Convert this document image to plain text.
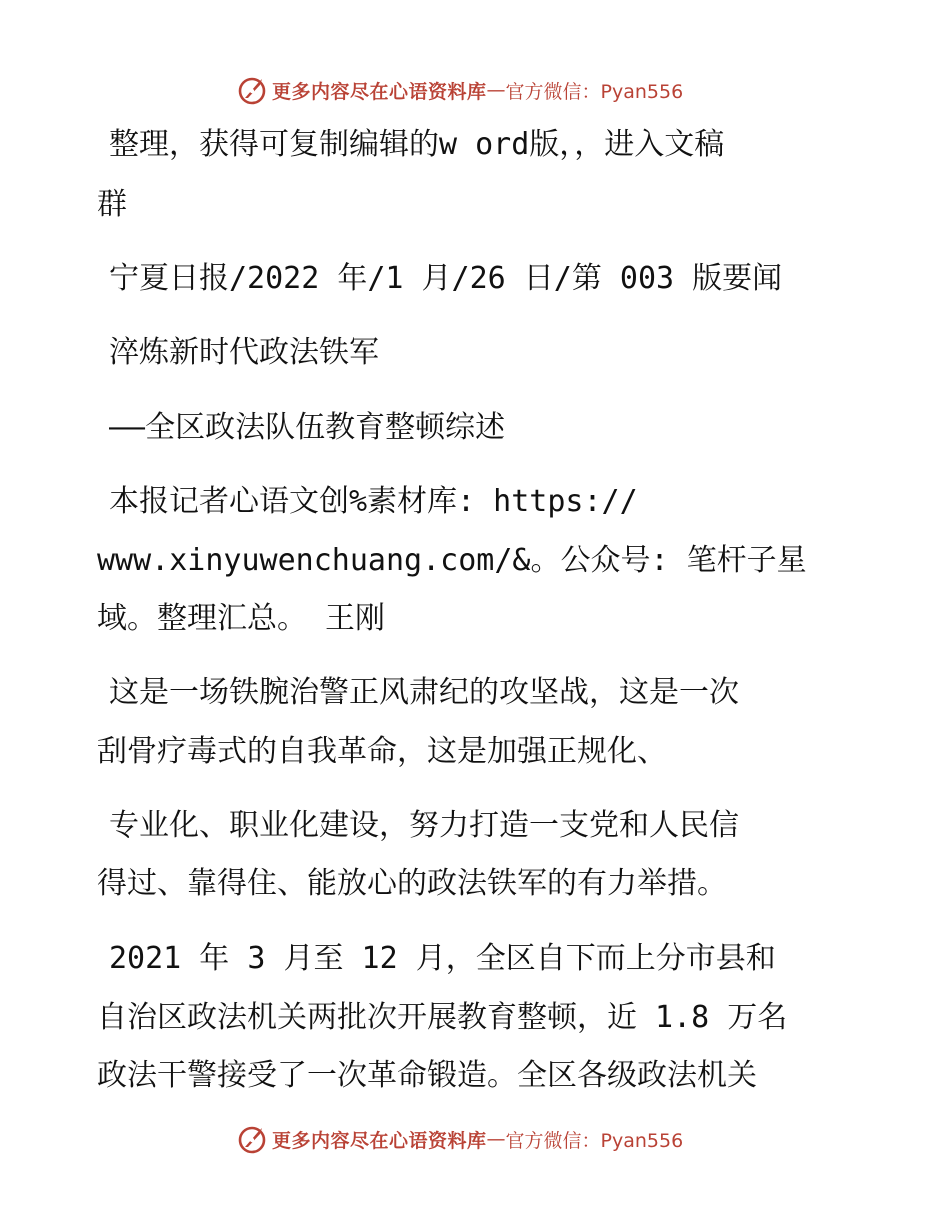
更多内容尽在心语资料库 — 官方微信：Pyan556
整理，获得可复制编辑的w ord版，，进入文稿
群
宁夏日报/2022 年/1 月/26 日/第 003 版要闻
淬炼新时代政法铁军
——全区政法队伍教育整顿综述
本报记者心语文创%素材库: https://
www.xinyuwenchuang.com/&。公众号: 笔杆子星
域。整理汇总。 王刚
这是一场铁腕治警正风肃纪的攻坚战，这是一次
刮骨疗毒式的自我革命，这是加强正规化、
专业化、职业化建设，努力打造一支党和人民信
得过、靠得住、能放心的政法铁军的有力举措。
2021 年 3 月至 12 月，全区自下而上分市县和
自治区政法机关两批次开展教育整顿，近 1.8 万名
政法干警接受了一次革命锻造。全区各级政法机关
更多内容尽在心语资料库 — 官方微信：Pyan556
